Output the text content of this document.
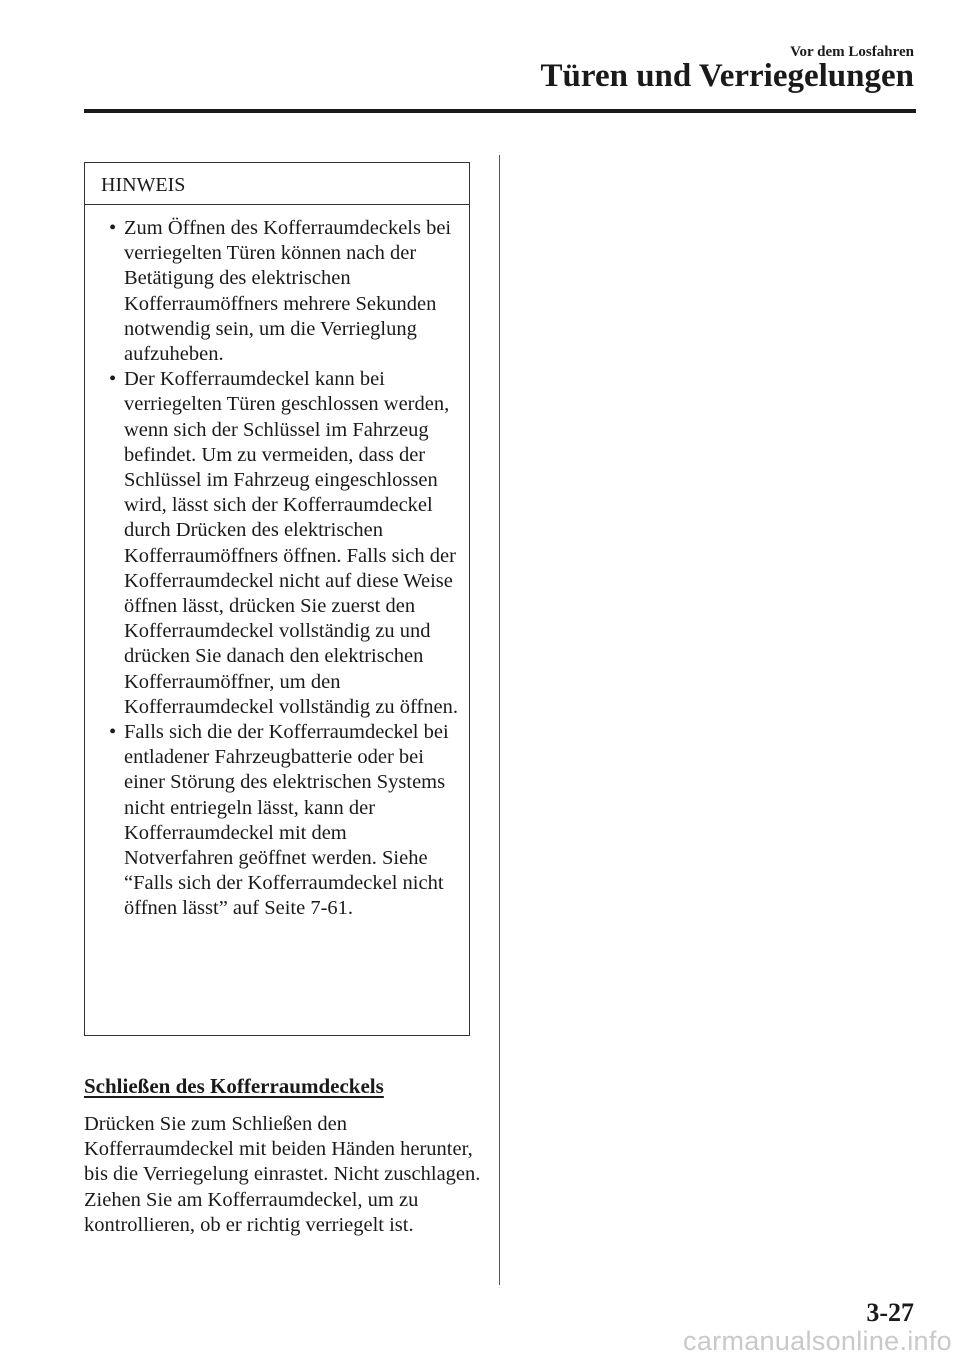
Vor dem Losfahren
Türen und Verriegelungen
HINWEIS
• Zum Öffnen des Kofferraumdeckels bei verriegelten Türen können nach der Betätigung des elektrischen Kofferraumöffners mehrere Sekunden notwendig sein, um die Verrieglung aufzuheben.
• Der Kofferraumdeckel kann bei verriegelten Türen geschlossen werden, wenn sich der Schlüssel im Fahrzeug befindet. Um zu vermeiden, dass der Schlüssel im Fahrzeug eingeschlossen wird, lässt sich der Kofferraumdeckel durch Drücken des elektrischen Kofferraumöffners öffnen. Falls sich der Kofferraumdeckel nicht auf diese Weise öffnen lässt, drücken Sie zuerst den Kofferraumdeckel vollständig zu und drücken Sie danach den elektrischen Kofferraumöffner, um den Kofferraumdeckel vollständig zu öffnen.
• Falls sich die der Kofferraumdeckel bei entladener Fahrzeugbatterie oder bei einer Störung des elektrischen Systems nicht entriegeln lässt, kann der Kofferraumdeckel mit dem Notverfahren geöffnet werden. Siehe “Falls sich der Kofferraumdeckel nicht öffnen lässt” auf Seite 7-61.
Schließen des Kofferraumdeckels
Drücken Sie zum Schließen den Kofferraumdeckel mit beiden Händen herunter, bis die Verriegelung einrastet. Nicht zuschlagen. Ziehen Sie am Kofferraumdeckel, um zu kontrollieren, ob er richtig verriegelt ist.
3-27
carmanualsonline.info
